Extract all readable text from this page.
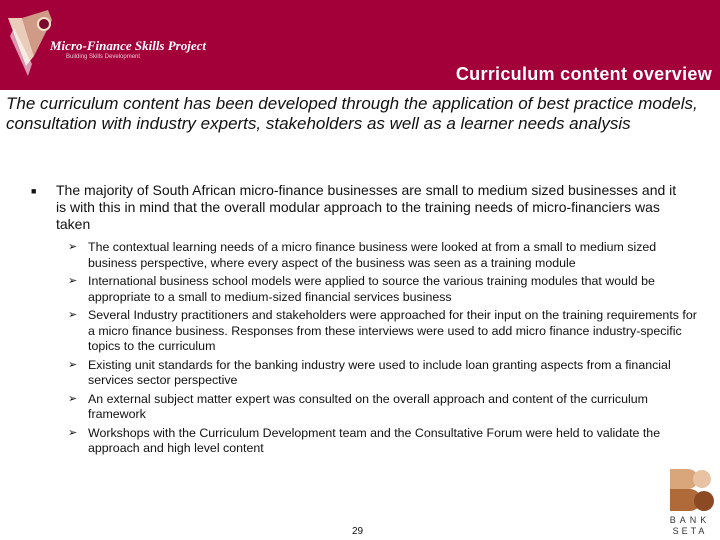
Micro-Finance Skills Project
Building Skills Development
Curriculum content overview
The curriculum content has been developed through the application of best practice models, consultation with industry experts, stakeholders as well as a learner needs analysis
■ The majority of South African micro-finance businesses are small to medium sized businesses and it is with this in mind that the overall modular approach to the training needs of micro-financiers was taken
➢ The contextual learning needs of a micro finance business were looked at from a small to medium sized business perspective, where every aspect of the business was seen as a training module
➢ International business school models were applied to source the various training modules that would be appropriate to a small to medium-sized financial services business
➢ Several Industry practitioners and stakeholders were approached for their input on the training requirements for a micro finance business. Responses from these interviews were used to add micro finance industry-specific topics to the curriculum
➢ Existing unit standards for the banking industry were used to include loan granting aspects from a financial services sector perspective
➢ An external subject matter expert was consulted on the overall approach and content of the curriculum framework
➢ Workshops with the Curriculum Development team and the Consultative Forum were held to validate the approach and high level content
29
BANK
SETA
